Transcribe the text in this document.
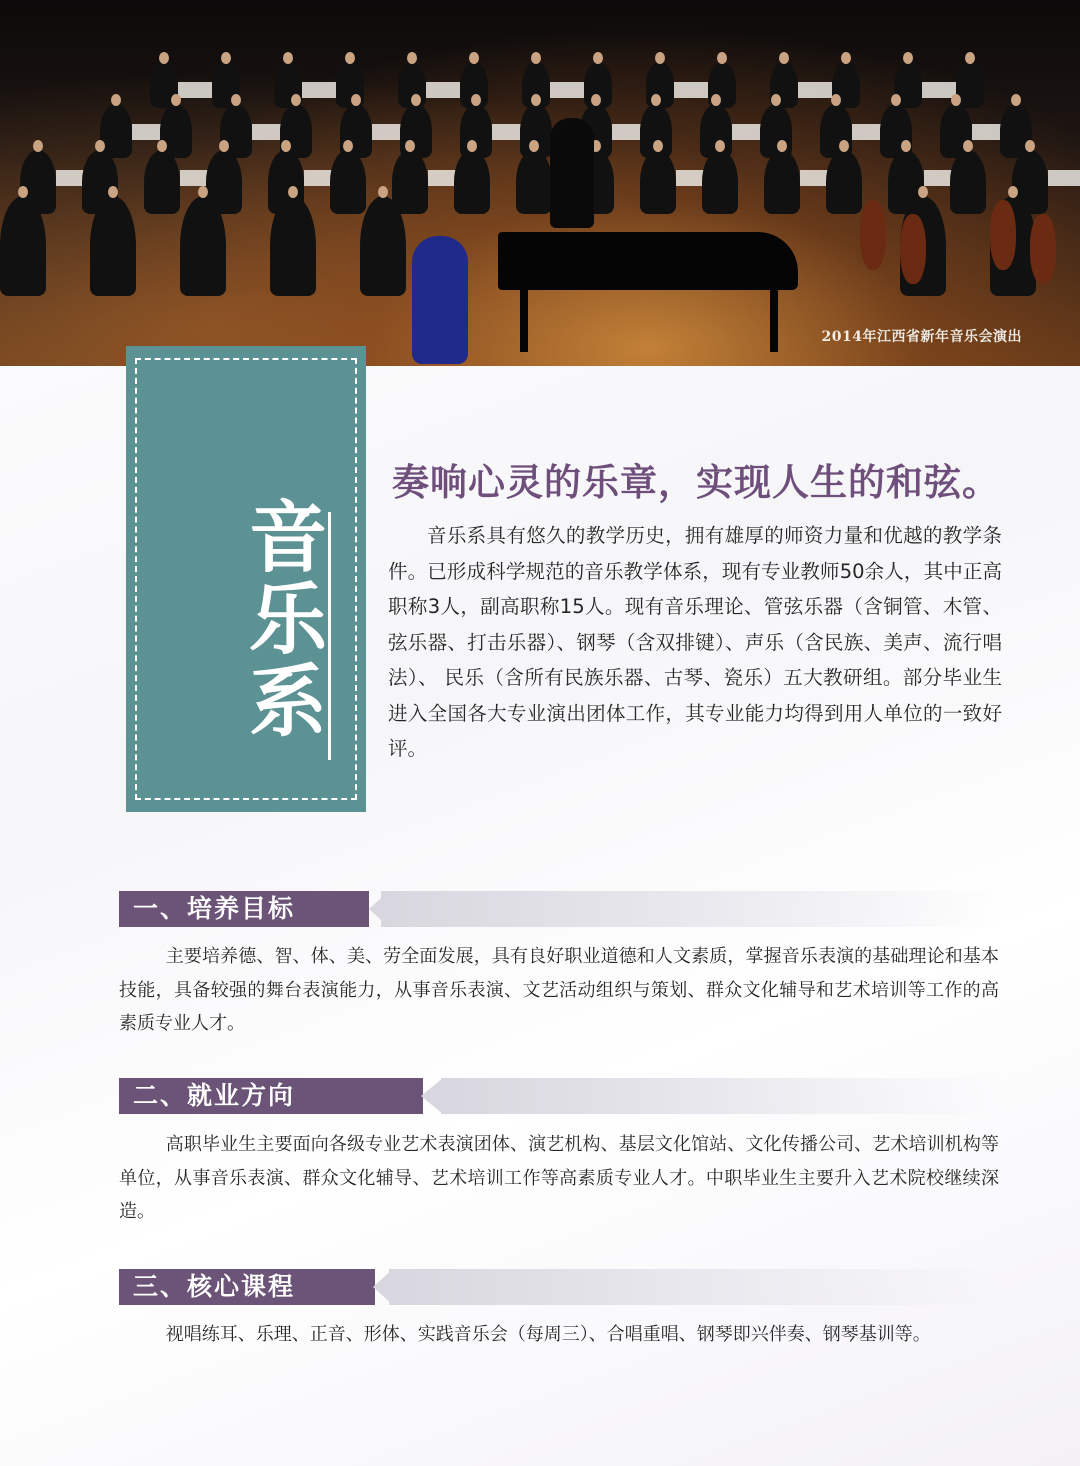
2014年江西省新年音乐会演出
音乐系
奏响心灵的乐章，实现人生的和弦。
音乐系具有悠久的教学历史，拥有雄厚的师资力量和优越的教学条件。已形成科学规范的音乐教学体系，现有专业教师50余人，其中正高职称3人，副高职称15人。现有音乐理论、管弦乐器（含铜管、木管、弦乐器、打击乐器）、钢琴（含双排键）、声乐（含民族、美声、流行唱法）、 民乐（含所有民族乐器、古琴、瓷乐）五大教研组。部分毕业生进入全国各大专业演出团体工作，其专业能力均得到用人单位的一致好评。
一、培养目标
主要培养德、智、体、美、劳全面发展，具有良好职业道德和人文素质，掌握音乐表演的基础理论和基本技能，具备较强的舞台表演能力，从事音乐表演、文艺活动组织与策划、群众文化辅导和艺术培训等工作的高素质专业人才。
二、就业方向
高职毕业生主要面向各级专业艺术表演团体、演艺机构、基层文化馆站、文化传播公司、艺术培训机构等单位，从事音乐表演、群众文化辅导、艺术培训工作等高素质专业人才。中职毕业生主要升入艺术院校继续深造。
三、核心课程
视唱练耳、乐理、正音、形体、实践音乐会（每周三）、合唱重唱、钢琴即兴伴奏、钢琴基训等。
